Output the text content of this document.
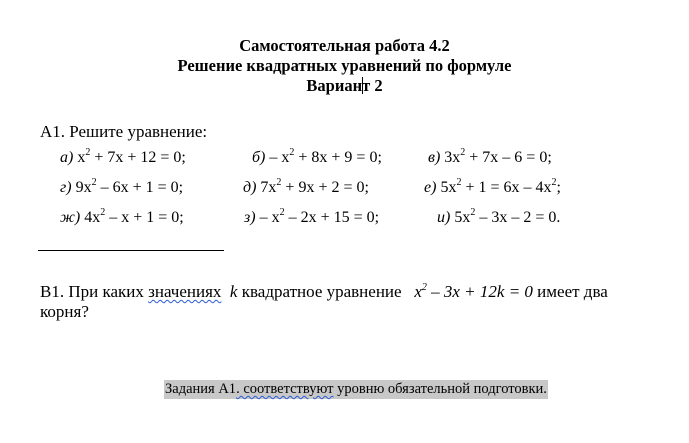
Самостоятельная работа 4.2
Решение квадратных уравнений по формуле
Вариант 2
А1. Решите уравнение:
а) $x^2 + 7x + 12 = 0$;	$б) - x^2 + 8x + 9 = 0$;	в) $3x^2 + 7x - 6 = 0$;
г) $9x^2 - 6x + 1 = 0$;	д) $7x^2 + 9x + 2 = 0$;	е) $5x^2 + 1 = 6x - 4x^2$;
ж) $4x^2 - x + 1 = 0$;	$з) - x^2 - 2x + 15 = 0$;	и) $5x^2 - 3x - 2 = 0$.
В1. При каких значениях k квадратное уравнение   $x^2 - 3x + 12k = 0$ имеет два
корня?
Задания А1. соответствуют уровню обязательной подготовки.
